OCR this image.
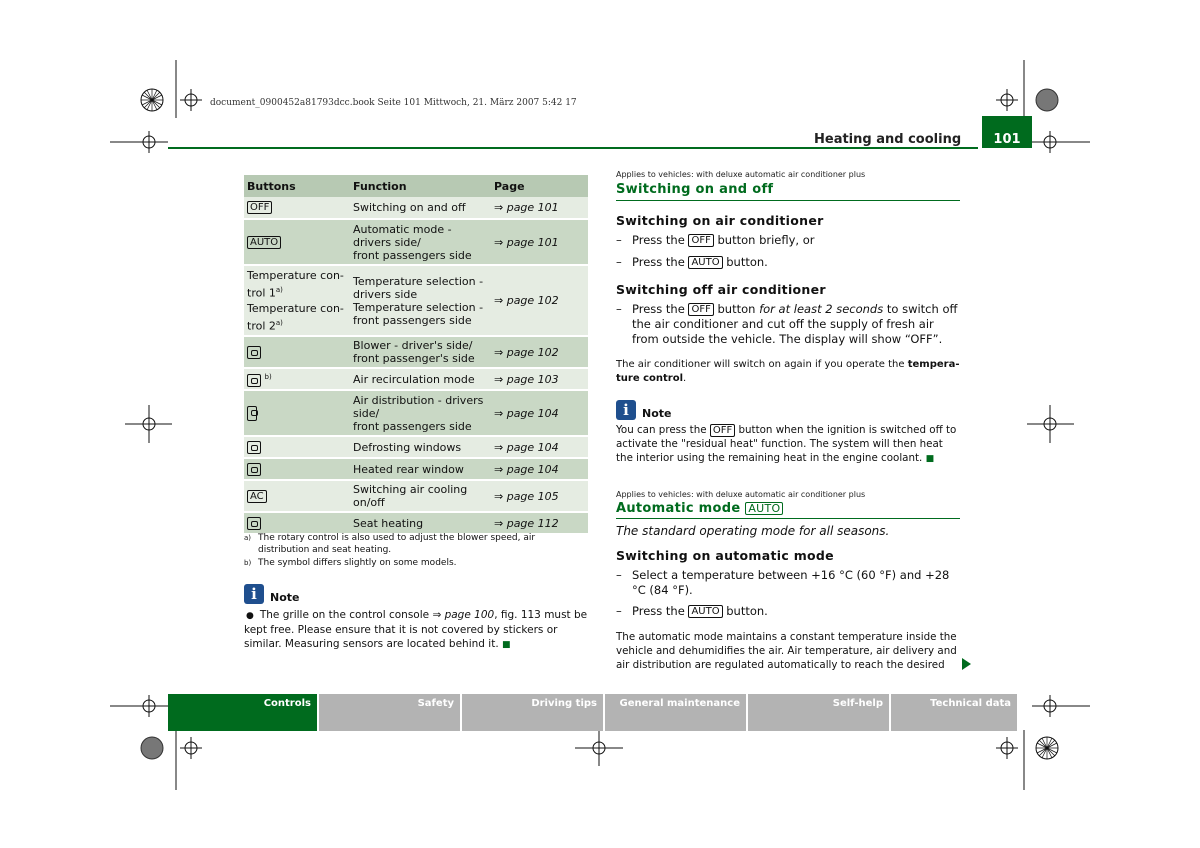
document_0900452a81793dcc.book Seite 101 Mittwoch, 21. März 2007 5:42 17
Heating and cooling	101
Buttons	Function	Page
OFF	Switching on and off	⇒ page 101
AUTO	Automatic mode - drivers side/
front passengers side	⇒ page 101
Temperature con-
trol 1$^{a)}$
Temperature con-
trol 2$^{a)}$	Temperature selection - drivers side
Temperature selection - front passengers side	⇒ page 102
	Blower - driver's side/
front passenger's side	⇒ page 102
$^{b)}$	Air recirculation mode	⇒ page 103
	Air distribution - drivers side/
front passengers side	⇒ page 104
	Defrosting windows	⇒ page 104
	Heated rear window	⇒ page 104
AC	Switching air cooling on/off	⇒ page 105
	Seat heating	⇒ page 112
a) The rotary control is also used to adjust the blower speed, air distribution and seat heating.
b) The symbol differs slightly on some models.
i	Note
● The grille on the control console ⇒ page 100, fig. 113 must be kept free. Please ensure that it is not covered by stickers or similar. Measuring sensors are located behind it. ■
Applies to vehicles: with deluxe automatic air conditioner plus
Switching on and off
Switching on air conditioner
– Press the OFF button briefly, or
– Press the AUTO button.
Switching off air conditioner
– Press the OFF button for at least 2 seconds to switch off the air conditioner and cut off the supply of fresh air from outside the vehicle. The display will show “OFF”.
The air conditioner will switch on again if you operate the tempera-ture control.
i	Note
You can press the OFF button when the ignition is switched off to activate the "residual heat" function. The system will then heat the interior using the remaining heat in the engine coolant. ■
Applies to vehicles: with deluxe automatic air conditioner plus
Automatic mode AUTO
The standard operating mode for all seasons.
Switching on automatic mode
– Select a temperature between +16 °C (60 °F) and +28 °C (84 °F).
– Press the AUTO button.
The automatic mode maintains a constant temperature inside the vehicle and dehumidifies the air. Air temperature, air delivery and air distribution are regulated automatically to reach the desired
Controls	Safety	Driving tips	General maintenance	Self-help	Technical data
